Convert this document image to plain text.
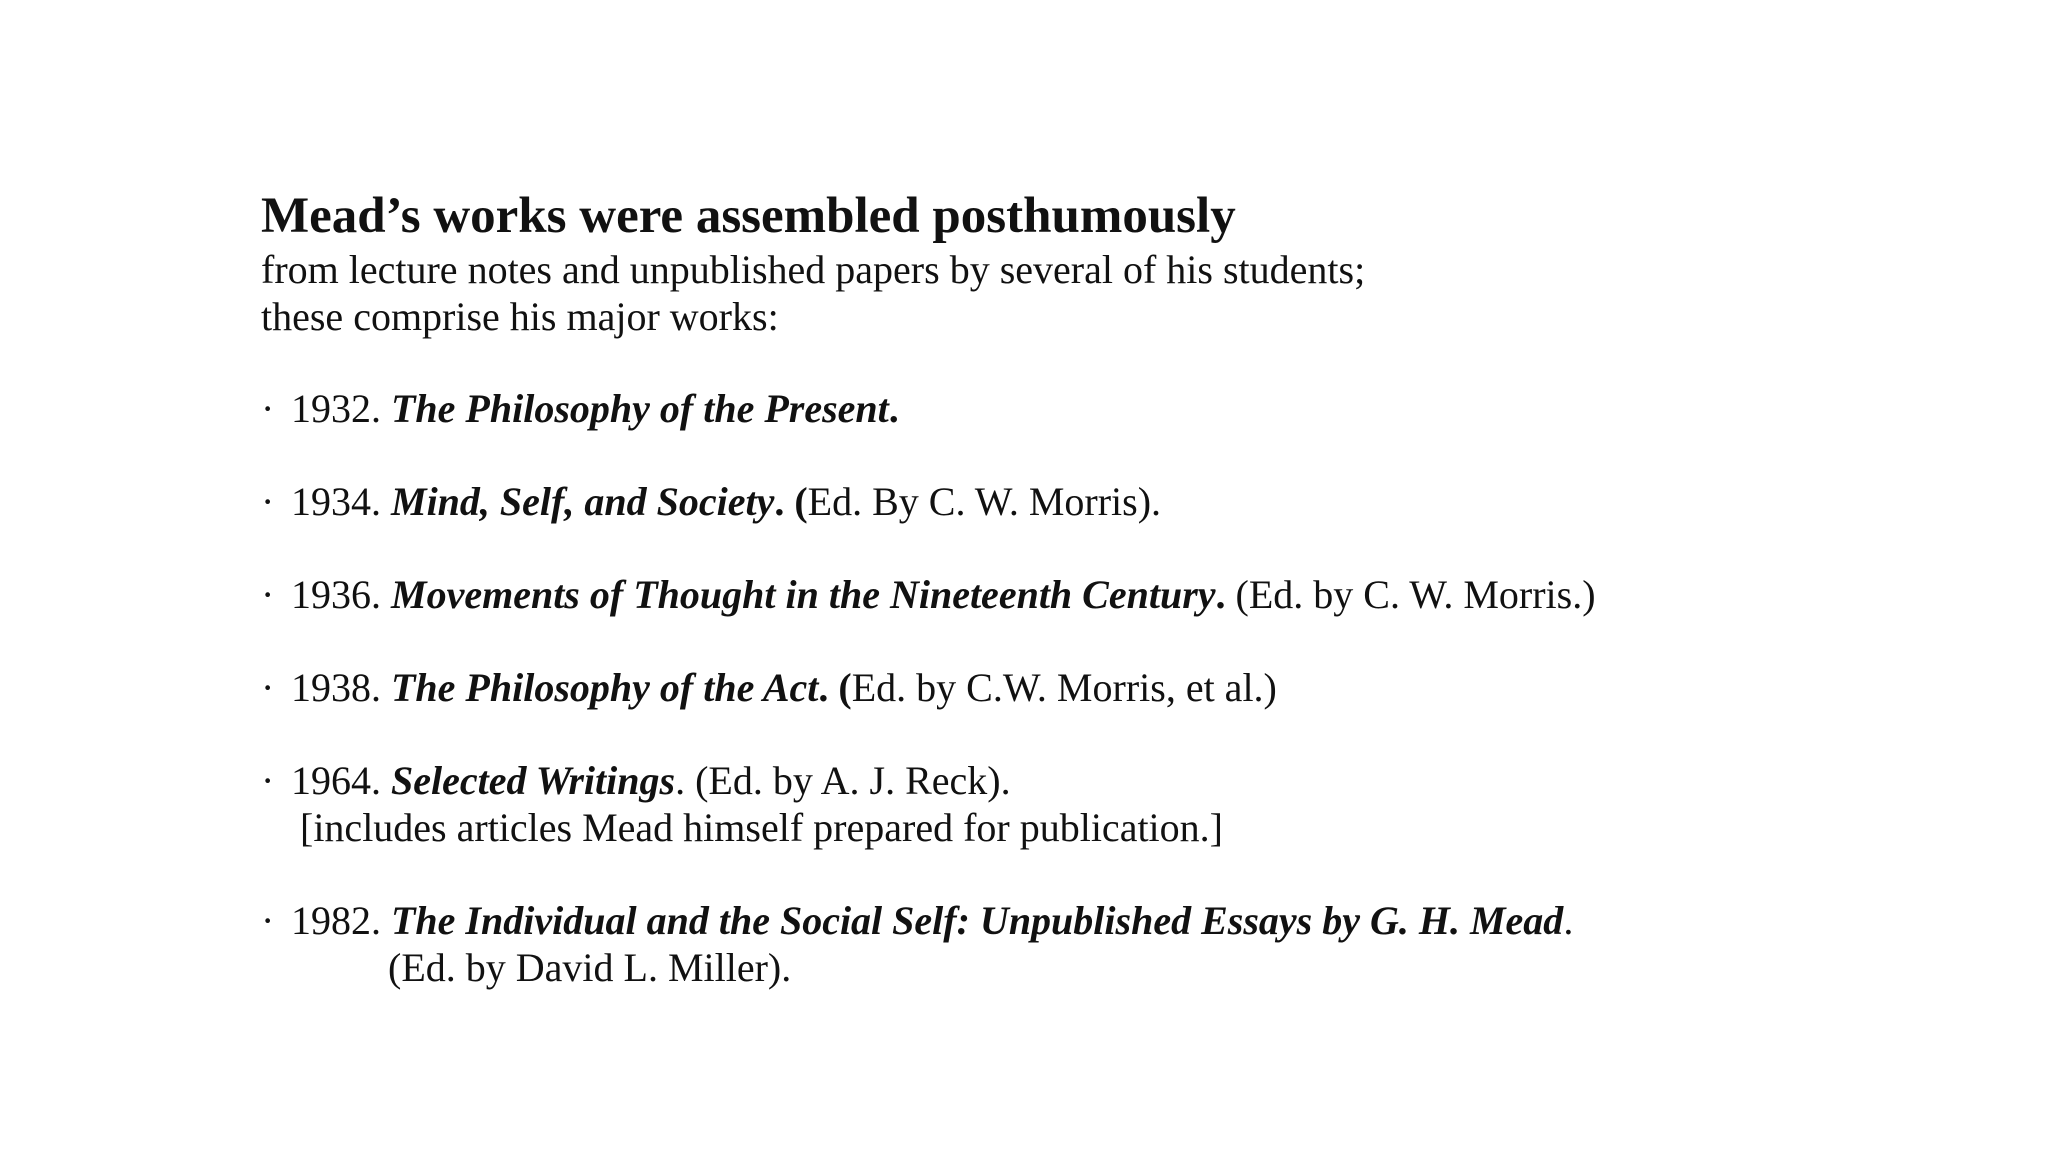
Mead’s works were assembled posthumously

from lecture notes and unpublished papers by several of his students;

these comprise his major works:

· 1932. The Philosophy of the Present.
· 1934. Mind, Self, and Society. (Ed. By C. W. Morris).
· 1936. Movements of Thought in the Nineteenth Century. (Ed. by C. W. Morris.)
· 1938. The Philosophy of the Act. (Ed. by C.W. Morris, et al.)
· 1964. Selected Writings. (Ed. by A. J. Reck).
[includes articles Mead himself prepared for publication.]
· 1982. The Individual and the Social Self: Unpublished Essays by G. H. Mead.
(Ed. by David L. Miller).
